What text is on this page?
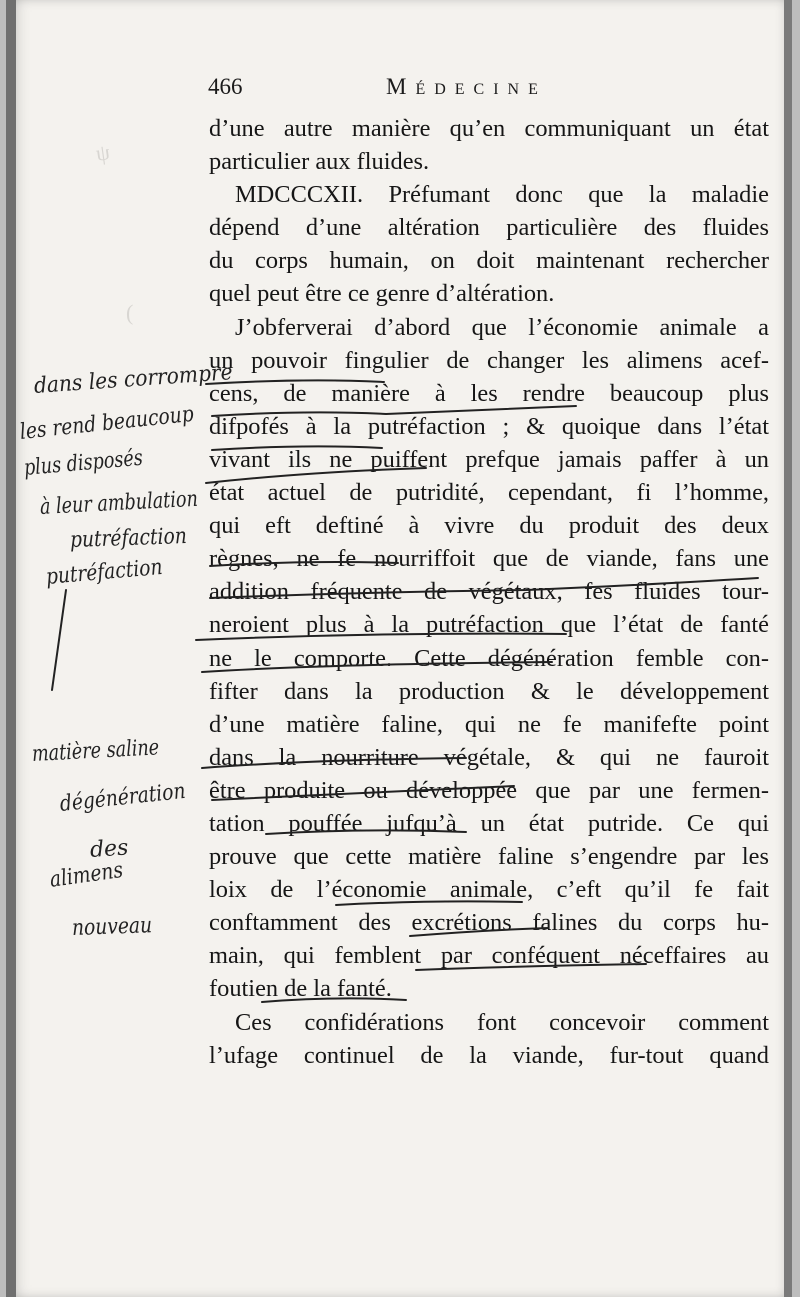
ψ
(
466	Médecine
d’une autre manière qu’en communiquant un état
particulier aux fluides.
MDCCCXII. Préfumant donc que la maladie
dépend d’une altération particulière des fluides
du corps humain, on doit maintenant rechercher
quel peut être ce genre d’altération.
J’obferverai d’abord que l’économie animale a
un pouvoir fingulier de changer les alimens acef-
cens, de manière à les rendre beaucoup plus
difpofés à la putréfaction ; & quoique dans l’état
vivant ils ne puiffent prefque jamais paffer à un
état actuel de putridité, cependant, fi l’homme,
qui eft deftiné à vivre du produit des deux
règnes, ne fe nourriffoit que de viande, fans une
addition fréquente de végétaux, fes fluides tour-
neroient plus à la putréfaction que l’état de fanté
ne le comporte. Cette dégénération femble con-
fifter dans la production & le développement
d’une matière faline, qui ne fe manifefte point
dans la nourriture végétale, & qui ne fauroit
être produite ou développée que par une fermen-
tation pouffée jufqu’à un état putride. Ce qui
prouve que cette matière faline s’engendre par les
loix de l’économie animale, c’eft qu’il fe fait
conftamment des excrétions falines du corps hu-
main, qui femblent par conféquent néceffaires au
foutien de la fanté.
Ces confidérations font concevoir comment
l’ufage continuel de la viande, fur-tout quand
dans les corrompre
les rend beaucoup
plus disposés
à leur ambulation
putréfaction
putréfaction
matière saline
dégénération
des
alimens
nouveau
